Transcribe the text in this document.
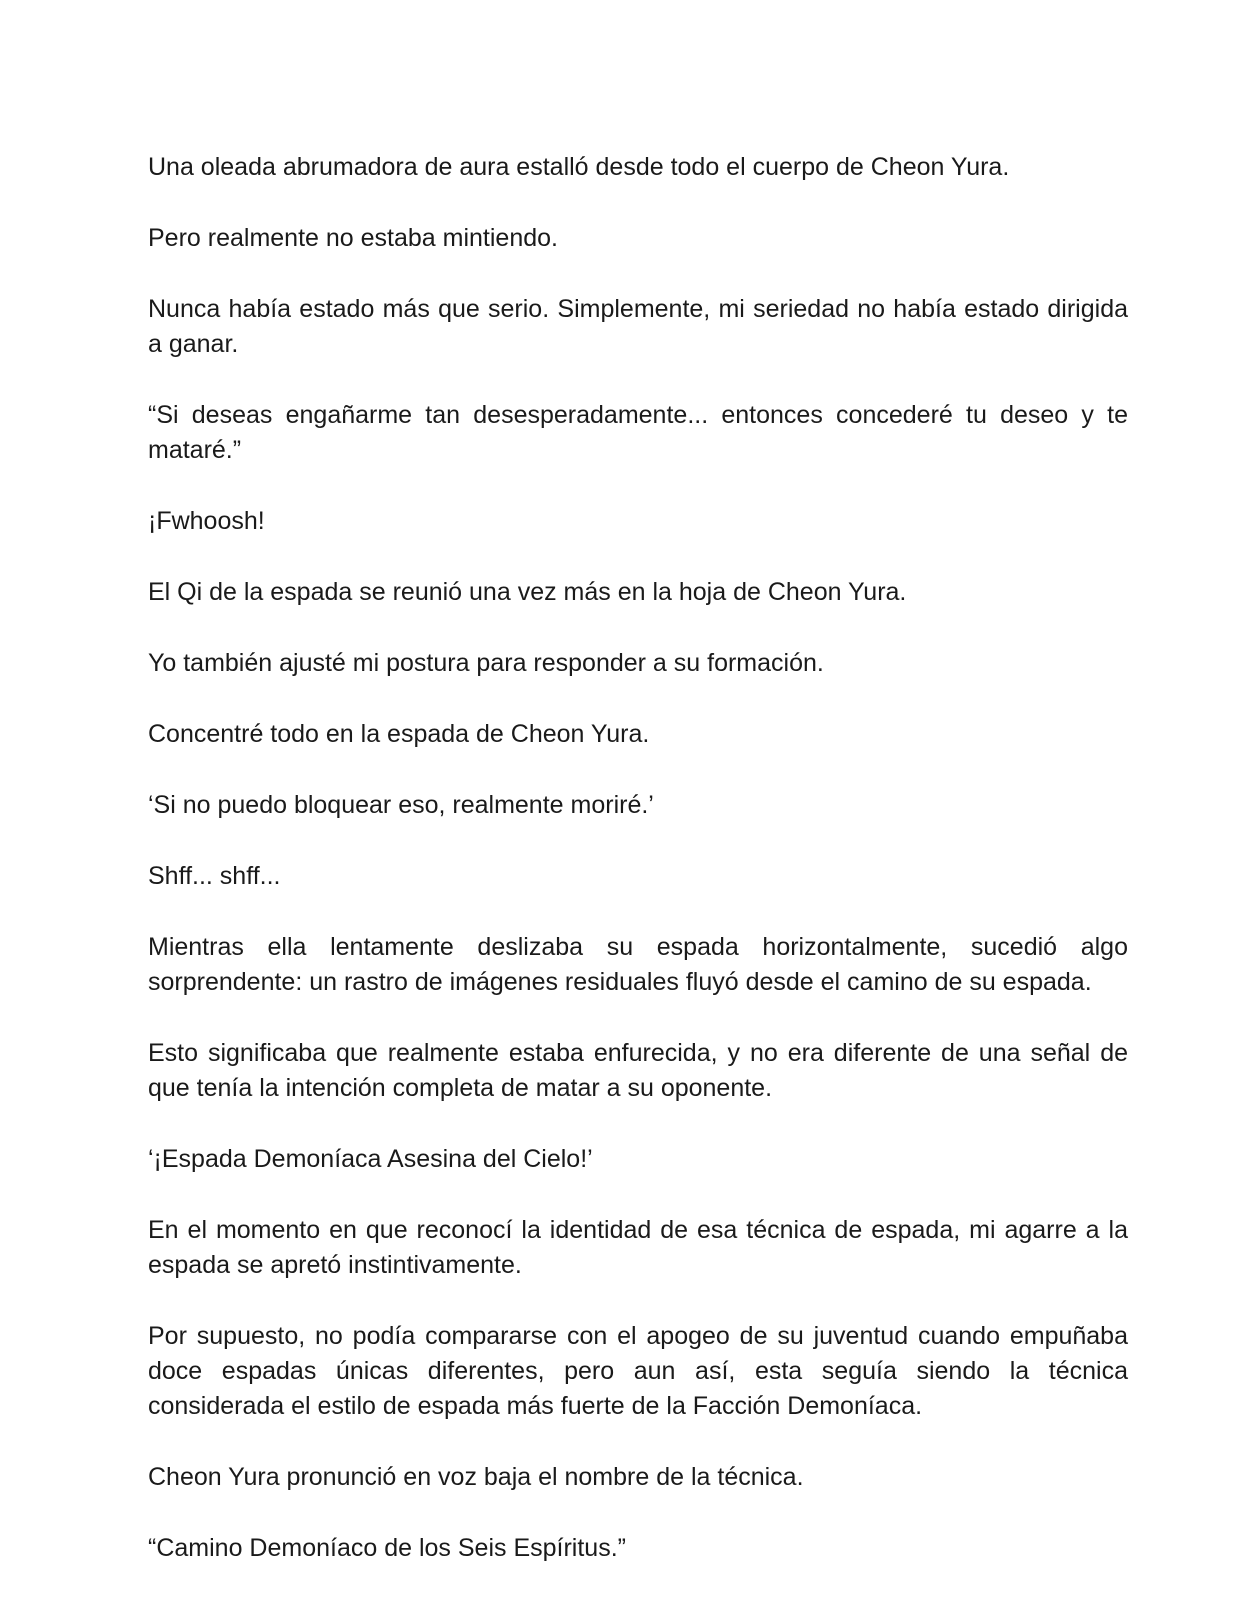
Una oleada abrumadora de aura estalló desde todo el cuerpo de Cheon Yura.

Pero realmente no estaba mintiendo.

Nunca había estado más que serio. Simplemente, mi seriedad no había estado dirigida a ganar.

“Si deseas engañarme tan desesperadamente... entonces concederé tu deseo y te mataré.”

¡Fwhoosh!

El Qi de la espada se reunió una vez más en la hoja de Cheon Yura.

Yo también ajusté mi postura para responder a su formación.

Concentré todo en la espada de Cheon Yura.

‘Si no puedo bloquear eso, realmente moriré.’

Shff... shff...

Mientras ella lentamente deslizaba su espada horizontalmente, sucedió algo sorprendente: un rastro de imágenes residuales fluyó desde el camino de su espada.

Esto significaba que realmente estaba enfurecida, y no era diferente de una señal de que tenía la intención completa de matar a su oponente.

‘¡Espada Demoníaca Asesina del Cielo!’

En el momento en que reconocí la identidad de esa técnica de espada, mi agarre a la espada se apretó instintivamente.

Por supuesto, no podía compararse con el apogeo de su juventud cuando empuñaba doce espadas únicas diferentes, pero aun así, esta seguía siendo la técnica considerada el estilo de espada más fuerte de la Facción Demoníaca.

Cheon Yura pronunció en voz baja el nombre de la técnica.

“Camino Demoníaco de los Seis Espíritus.”
